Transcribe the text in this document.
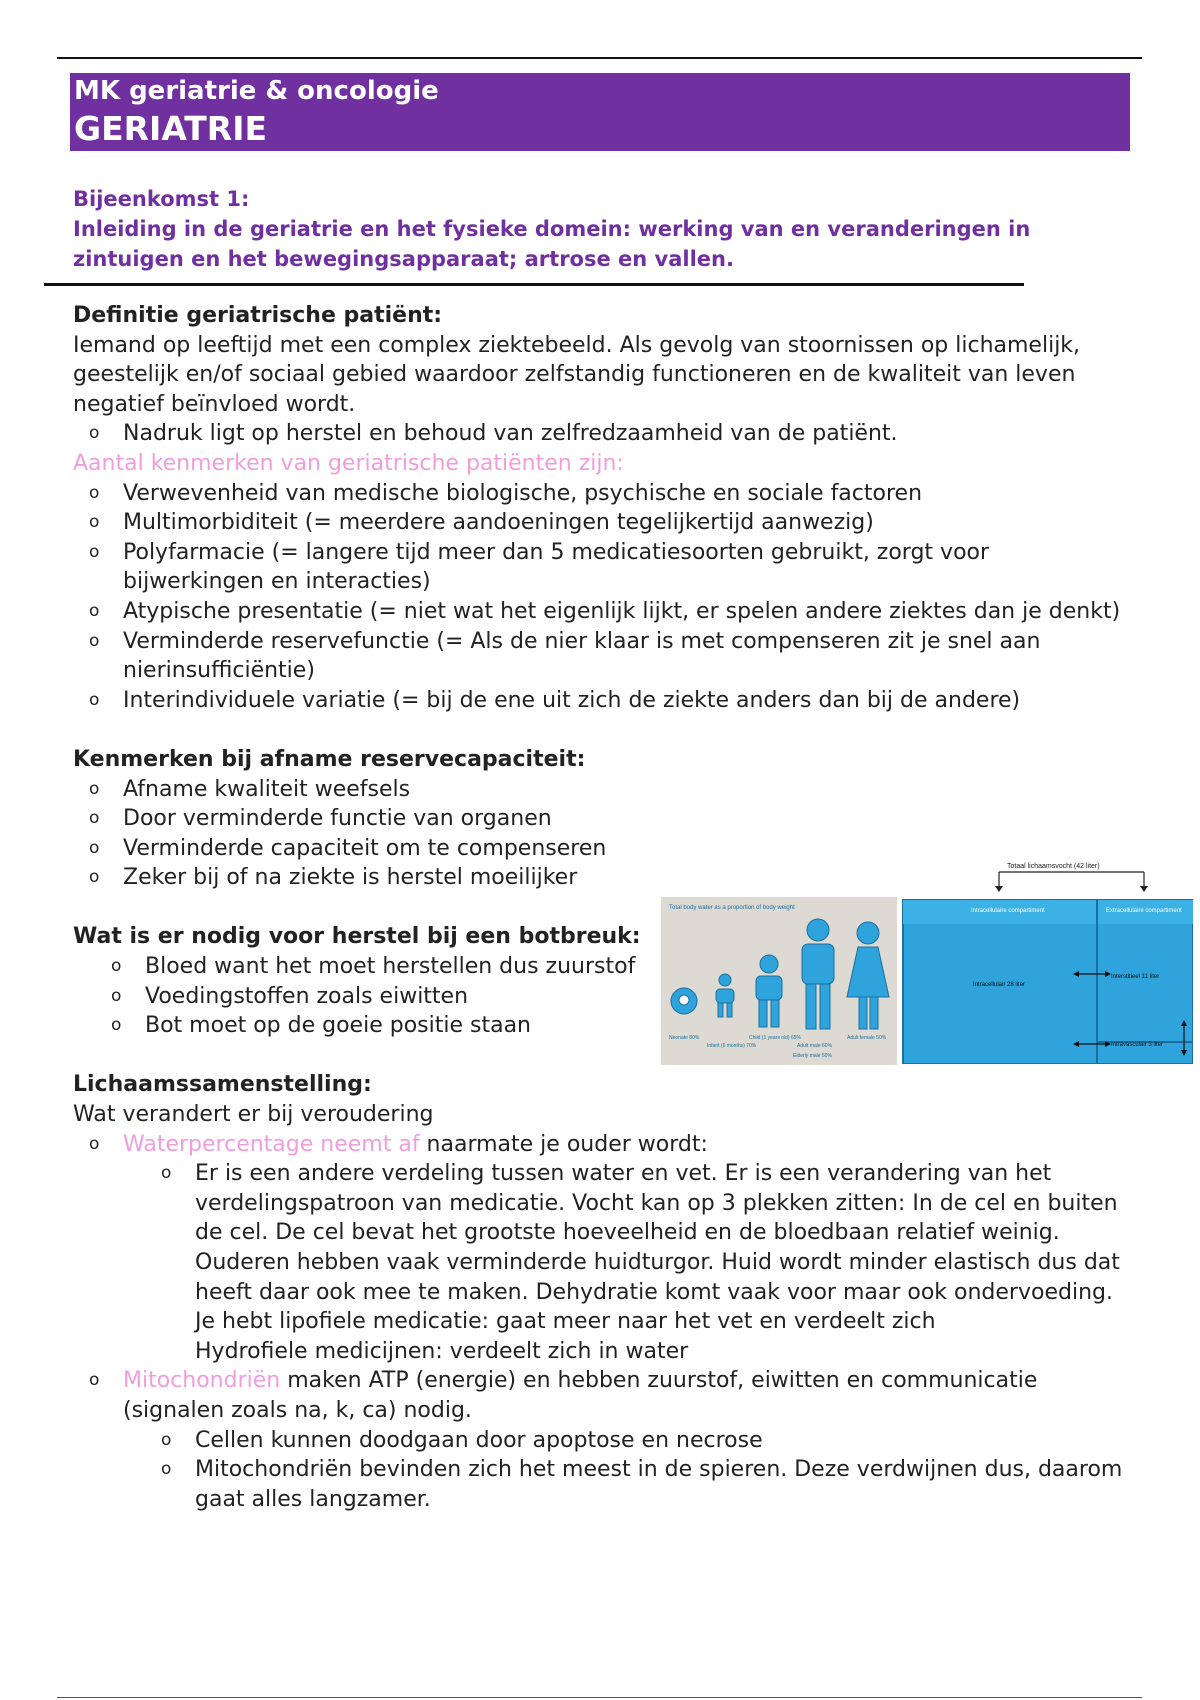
MK geriatrie & oncologie
GERIATRIE
Bijeenkomst 1:
Inleiding in de geriatrie en het fysieke domein: werking van en veranderingen in zintuigen en het bewegingsapparaat; artrose en vallen.
Definitie geriatrische patiënt:
Iemand op leeftijd met een complex ziektebeeld. Als gevolg van stoornissen op lichamelijk, geestelijk en/of sociaal gebied waardoor zelfstandig functioneren en de kwaliteit van leven negatief beïnvloed wordt.
o Nadruk ligt op herstel en behoud van zelfredzaamheid van de patiënt.
Aantal kenmerken van geriatrische patiënten zijn:
o Verwevenheid van medische biologische, psychische en sociale factoren
o Multimorbiditeit (= meerdere aandoeningen tegelijkertijd aanwezig)
o Polyfarmacie (= langere tijd meer dan 5 medicatiesoorten gebruikt, zorgt voor bijwerkingen en interacties)
o Atypische presentatie (= niet wat het eigenlijk lijkt, er spelen andere ziektes dan je denkt)
o Verminderde reservefunctie (= Als de nier klaar is met compenseren zit je snel aan nierinsufficiëntie)
o Interindividuele variatie (= bij de ene uit zich de ziekte anders dan bij de andere)
Kenmerken bij afname reservecapaciteit:
o Afname kwaliteit weefsels
o Door verminderde functie van organen
o Verminderde capaciteit om te compenseren
o Zeker bij of na ziekte is herstel moeilijker
Wat is er nodig voor herstel bij een botbreuk:
o Bloed want het moet herstellen dus zuurstof
o Voedingstoffen zoals eiwitten
o Bot moet op de goeie positie staan
Lichaamssamenstelling:
Wat verandert er bij veroudering
o Waterpercentage neemt af naarmate je ouder wordt:
o Er is een andere verdeling tussen water en vet. Er is een verandering van het verdelingspatroon van medicatie. Vocht kan op 3 plekken zitten: In de cel en buiten de cel. De cel bevat het grootste hoeveelheid en de bloedbaan relatief weinig. Ouderen hebben vaak verminderde huidturgor. Huid wordt minder elastisch dus dat heeft daar ook mee te maken. Dehydratie komt vaak voor maar ook ondervoeding.
Je hebt lipofiele medicatie: gaat meer naar het vet en verdeelt zich
Hydrofiele medicijnen: verdeelt zich in water
o Mitochondriën maken ATP (energie) en hebben zuurstof, eiwitten en communicatie (signalen zoals na, k, ca) nodig.
o Cellen kunnen doodgaan door apoptose en necrose
o Mitochondriën bevinden zich het meest in de spieren. Deze verdwijnen dus, daarom gaat alles langzamer.
Total body water as a proportion of body weight
Neonate 80%
Infant (6 months) 70%
Child (1 years old) 65%
Adult male 60%
Adult female 50%
Elderly male 50%
Totaal lichaamsvocht (42 liter)
Intracellulaire compartiment	Extracellulaire compartiment
Intracellulair 28 liter
Interstitieel 11 liter
Intravasculair 3 liter
